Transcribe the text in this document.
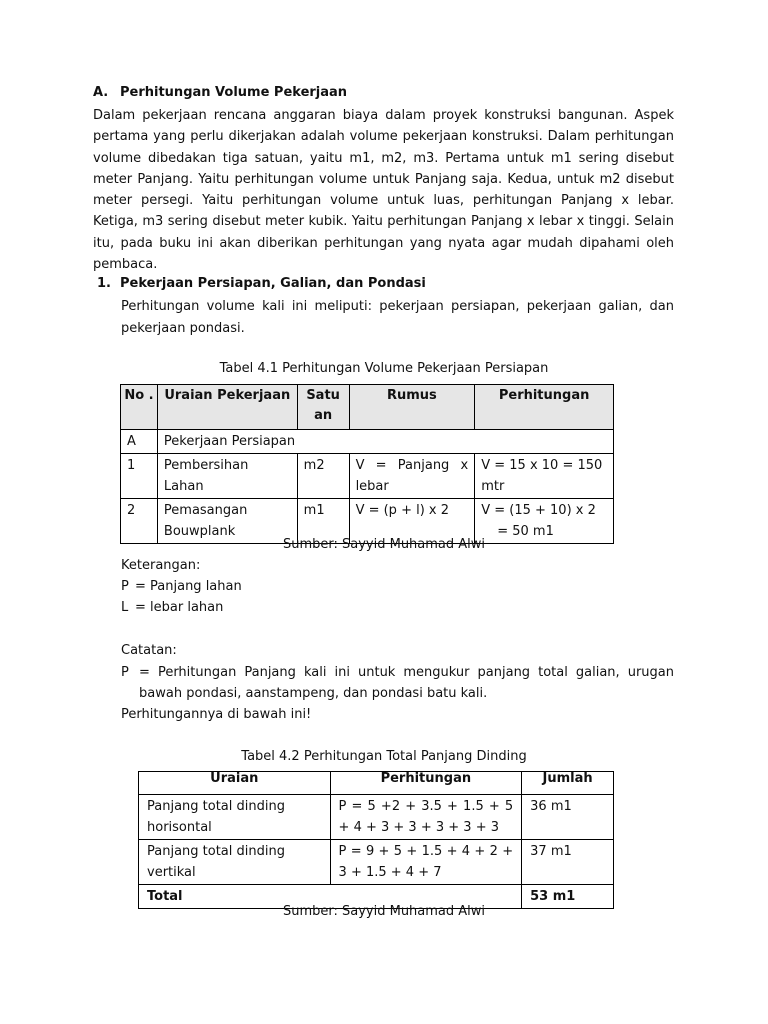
A. Perhitungan Volume Pekerjaan

Dalam pekerjaan rencana anggaran biaya dalam proyek konstruksi bangunan. Aspek pertama yang perlu dikerjakan adalah volume pekerjaan konstruksi. Dalam perhitungan volume dibedakan tiga satuan, yaitu m1, m2, m3. Pertama untuk m1 sering disebut meter Panjang. Yaitu perhitungan volume untuk Panjang saja. Kedua, untuk m2 disebut meter persegi. Yaitu perhitungan volume untuk luas, perhitungan Panjang x lebar. Ketiga, m3 sering disebut meter kubik. Yaitu perhitungan Panjang x lebar x tinggi. Selain itu, pada buku ini akan diberikan perhitungan yang nyata agar mudah dipahami oleh pembaca.

1. Pekerjaan Persiapan, Galian, dan Pondasi

Perhitungan volume kali ini meliputi: pekerjaan persiapan, pekerjaan galian, dan pekerjaan pondasi.

Tabel 4.1 Perhitungan Volume Pekerjaan Persiapan
No .	Uraian Pekerjaan	Satu an	Rumus	Perhitungan
A	Pekerjaan Persiapan			
1	Pembersihan Lahan	m2	V = Panjang x lebar	V = 15 x 10 = 150 mtr
2	Pemasangan Bouwplank	m1	V = (p + l) x 2	V = (15 + 10) x 2
= 50 m1
Sumber: Sayyid Muhamad Alwi
Keterangan:
P = Panjang lahan
L = lebar lahan
Catatan:
P = Perhitungan Panjang kali ini untuk mengukur panjang total galian, urugan bawah pondasi, aanstampeng, dan pondasi batu kali.
Perhitungannya di bawah ini!
Tabel 4.2 Perhitungan Total Panjang Dinding
Uraian	Perhitungan	Jumlah
Panjang total dinding horisontal	P = 5 +2 + 3.5 + 1.5 + 5 + 4 + 3 + 3 + 3 + 3 + 3	36 m1
Panjang total dinding vertikal	P = 9 + 5 + 1.5 + 4 + 2 + 3 + 1.5 + 4 + 7	37 m1
Total		53 m1
Sumber: Sayyid Muhamad Alwi
